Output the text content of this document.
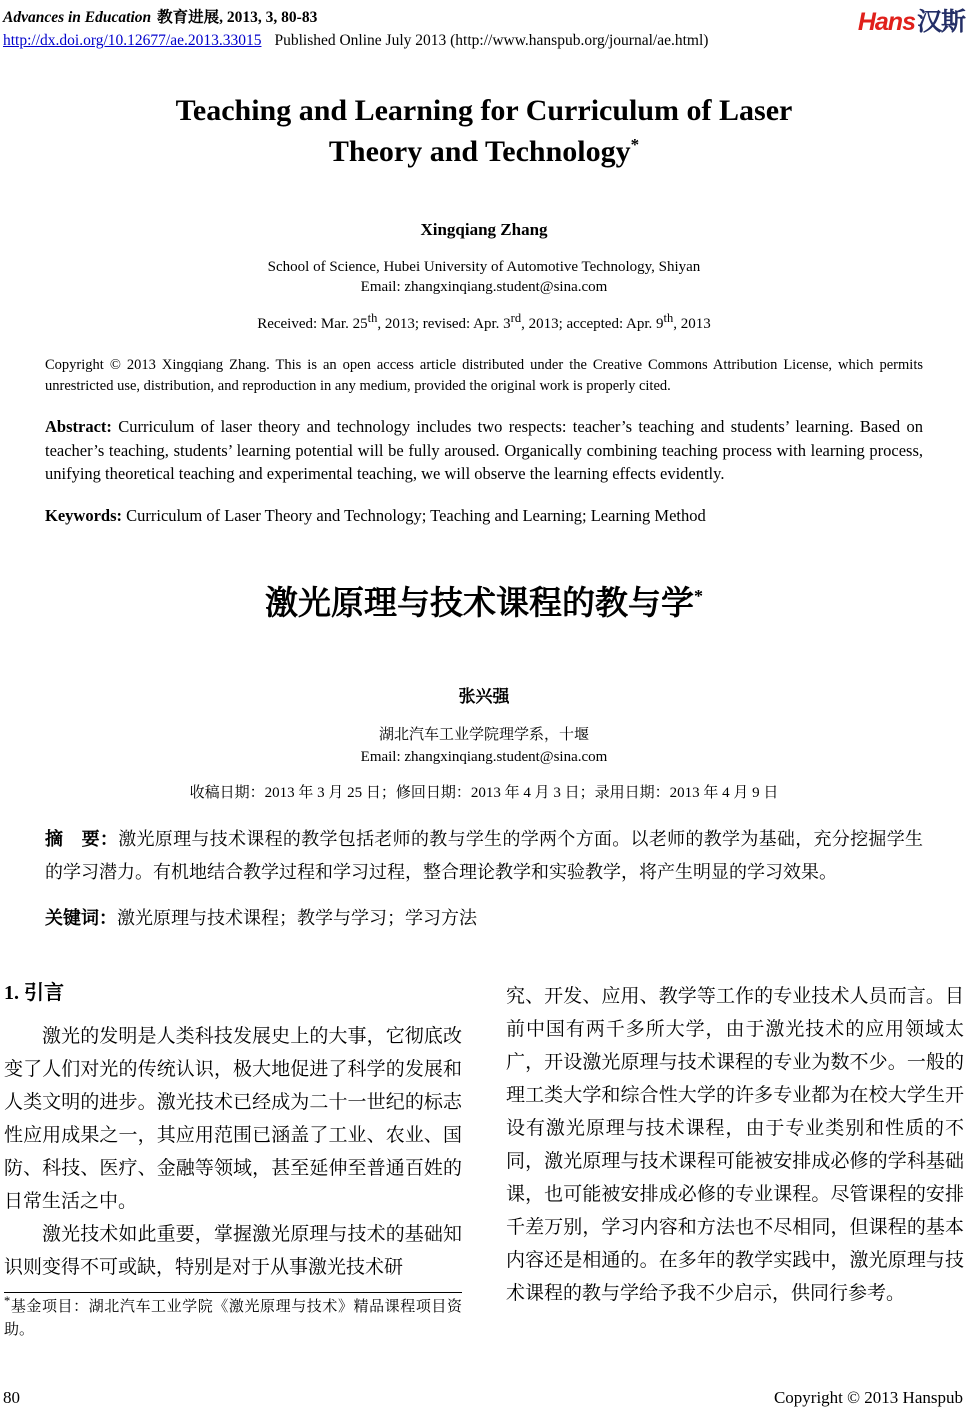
Advances in Education 教育进展, 2013, 3, 80-83
http://dx.doi.org/10.12677/ae.2013.33015 Published Online July 2013 (http://www.hanspub.org/journal/ae.html)
Hans汉斯
Teaching and Learning for Curriculum of Laser
Theory and Technology*
Xingqiang Zhang
School of Science, Hubei University of Automotive Technology, Shiyan
Email: zhangxinqiang.student@sina.com
Received: Mar. 25th, 2013; revised: Apr. 3rd, 2013; accepted: Apr. 9th, 2013

Copyright © 2013 Xingqiang Zhang. This is an open access article distributed under the Creative Commons Attribution License, which permits unrestricted use, distribution, and reproduction in any medium, provided the original work is properly cited.

Abstract: Curriculum of laser theory and technology includes two respects: teacher’s teaching and students’ learning. Based on teacher’s teaching, students’ learning potential will be fully aroused. Organically combining teaching process with learning process, unifying theoretical teaching and experimental teaching, we will observe the learning effects evidently.

Keywords: Curriculum of Laser Theory and Technology; Teaching and Learning; Learning Method

激光原理与技术课程的教与学*
张兴强
湖北汽车工业学院理学系，十堰
Email: zhangxinqiang.student@sina.com
收稿日期：2013 年 3 月 25 日；修回日期：2013 年 4 月 3 日；录用日期：2013 年 4 月 9 日

摘　要：激光原理与技术课程的教学包括老师的教与学生的学两个方面。以老师的教学为基础，充分挖掘学生的学习潜力。有机地结合教学过程和学习过程，整合理论教学和实验教学，将产生明显的学习效果。

关键词：激光原理与技术课程；教学与学习；学习方法

1. 引言

激光的发明是人类科技发展史上的大事，它彻底改变了人们对光的传统认识，极大地促进了科学的发展和人类文明的进步。激光技术已经成为二十一世纪的标志性应用成果之一，其应用范围已涵盖了工业、农业、国防、科技、医疗、金融等领域，甚至延伸至普通百姓的日常生活之中。

激光技术如此重要，掌握激光原理与技术的基础知识则变得不可或缺，特别是对于从事激光技术研

*基金项目：湖北汽车工业学院《激光原理与技术》精品课程项目资助。

究、开发、应用、教学等工作的专业技术人员而言。目前中国有两千多所大学，由于激光技术的应用领域太广，开设激光原理与技术课程的专业为数不少。一般的理工类大学和综合性大学的许多专业都为在校大学生开设有激光原理与技术课程，由于专业类别和性质的不同，激光原理与技术课程可能被安排成必修的学科基础课，也可能被安排成必修的专业课程。尽管课程的安排千差万别，学习内容和方法也不尽相同，但课程的基本内容还是相通的。在多年的教学实践中，激光原理与技术课程的教与学给予我不少启示，供同行参考。

80	Copyright © 2013 Hanspub
